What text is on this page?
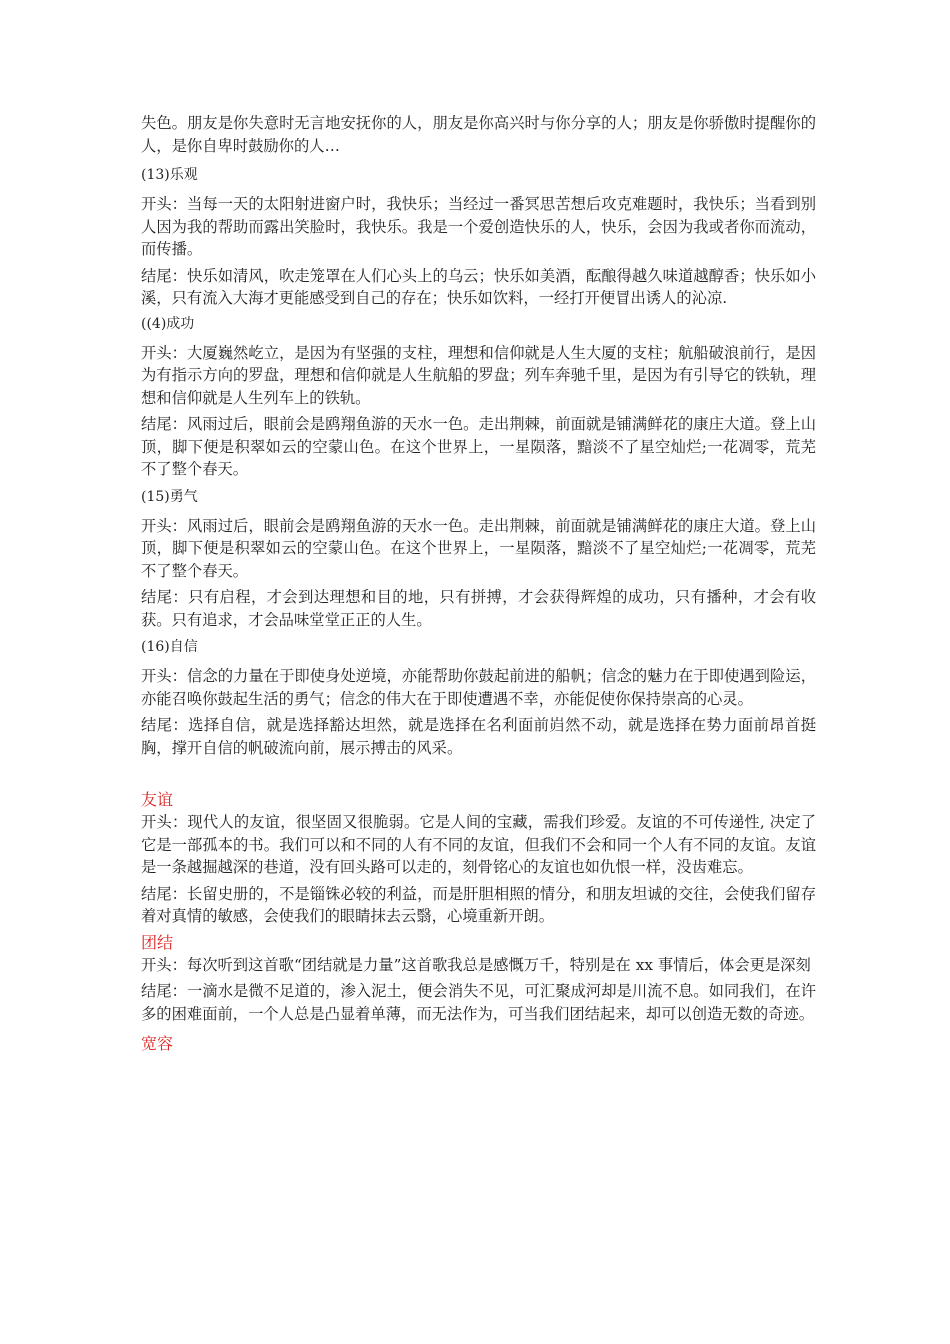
失色。朋友是你失意时无言地安抚你的人，朋友是你高兴时与你分享的人；朋友是你骄傲时提醒你的人，是你自卑时鼓励你的人…

(13)乐观

开头：当每一天的太阳射进窗户时，我快乐；当经过一番冥思苦想后攻克难题时，我快乐；当看到别人因为我的帮助而露出笑脸时，我快乐。我是一个爱创造快乐的人，快乐，会因为我或者你而流动，而传播。

结尾：快乐如清风，吹走笼罩在人们心头上的乌云；快乐如美酒，酝酿得越久味道越醇香；快乐如小溪，只有流入大海才更能感受到自己的存在；快乐如饮料，一经打开便冒出诱人的沁凉.

((4)成功

开头：大厦巍然屹立，是因为有坚强的支柱，理想和信仰就是人生大厦的支柱；航船破浪前行，是因为有指示方向的罗盘，理想和信仰就是人生航船的罗盘；列车奔驰千里，是因为有引导它的铁轨，理想和信仰就是人生列车上的铁轨。

结尾：风雨过后，眼前会是鸥翔鱼游的天水一色。走出荆棘，前面就是铺满鲜花的康庄大道。登上山顶，脚下便是积翠如云的空蒙山色。在这个世界上，一星陨落，黯淡不了星空灿烂;一花凋零，荒芜不了整个春天。

(15)勇气

开头：风雨过后，眼前会是鸥翔鱼游的天水一色。走出荆棘，前面就是铺满鲜花的康庄大道。登上山顶，脚下便是积翠如云的空蒙山色。在这个世界上，一星陨落，黯淡不了星空灿烂;一花凋零，荒芜不了整个春天。

结尾：只有启程，才会到达理想和目的地，只有拼搏，才会获得辉煌的成功，只有播种，才会有收获。只有追求，才会品味堂堂正正的人生。

(16)自信

开头：信念的力量在于即使身处逆境，亦能帮助你鼓起前进的船帆；信念的魅力在于即使遇到险运，亦能召唤你鼓起生活的勇气；信念的伟大在于即使遭遇不幸，亦能促使你保持崇高的心灵。

结尾：选择自信，就是选择豁达坦然，就是选择在名利面前岿然不动，就是选择在势力面前昂首挺胸，撑开自信的帆破流向前，展示搏击的风采。

友谊

开头：现代人的友谊，很坚固又很脆弱。它是人间的宝藏，需我们珍爱。友谊的不可传递性, 决定了它是一部孤本的书。我们可以和不同的人有不同的友谊，但我们不会和同一个人有不同的友谊。友谊是一条越掘越深的巷道，没有回头路可以走的，刻骨铭心的友谊也如仇恨一样，没齿难忘。

结尾：长留史册的，不是锱铢必较的利益，而是肝胆相照的情分，和朋友坦诚的交往，会使我们留存着对真情的敏感，会使我们的眼睛抹去云翳，心境重新开朗。

团结

开头：每次听到这首歌“团结就是力量”这首歌我总是感慨万千，特别是在 xx 事情后，体会更是深刻

结尾：一滴水是微不足道的，渗入泥土，便会消失不见，可汇聚成河却是川流不息。如同我们，在许多的困难面前，一个人总是凸显着单薄，而无法作为，可当我们团结起来，却可以创造无数的奇迹。

宽容
